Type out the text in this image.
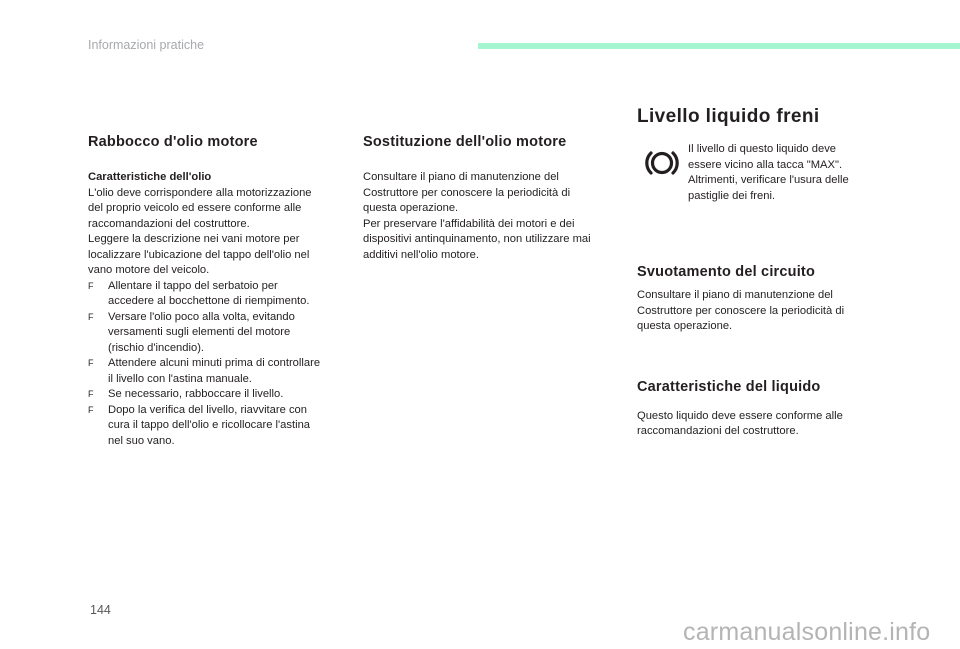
Informazioni pratiche
Rabbocco d'olio motore
Caratteristiche dell'olio
L'olio deve corrispondere alla motorizzazione
del proprio veicolo ed essere conforme alle
raccomandazioni del costruttore.
Leggere la descrizione nei vani motore per
localizzare l'ubicazione del tappo dell'olio nel
vano motore del veicolo.
F Allentare il tappo del serbatoio per
accedere al bocchettone di riempimento.
F Versare l'olio poco alla volta, evitando
versamenti sugli elementi del motore
(rischio d'incendio).
F Attendere alcuni minuti prima di controllare
il livello con l'astina manuale.
F Se necessario, rabboccare il livello.
F Dopo la verifica del livello, riavvitare con
cura il tappo dell'olio e ricollocare l'astina
nel suo vano.
Sostituzione dell'olio motore
Consultare il piano di manutenzione del
Costruttore per conoscere la periodicità di
questa operazione.
Per preservare l'affidabilità dei motori e dei
dispositivi antinquinamento, non utilizzare mai
additivi nell'olio motore.
Livello liquido freni
Il livello di questo liquido deve
essere vicino alla tacca "MAX".
Altrimenti, verificare l'usura delle
pastiglie dei freni.
Svuotamento del circuito
Consultare il piano di manutenzione del
Costruttore per conoscere la periodicità di
questa operazione.
Caratteristiche del liquido
Questo liquido deve essere conforme alle
raccomandazioni del costruttore.
144
carmanualsonline.info
